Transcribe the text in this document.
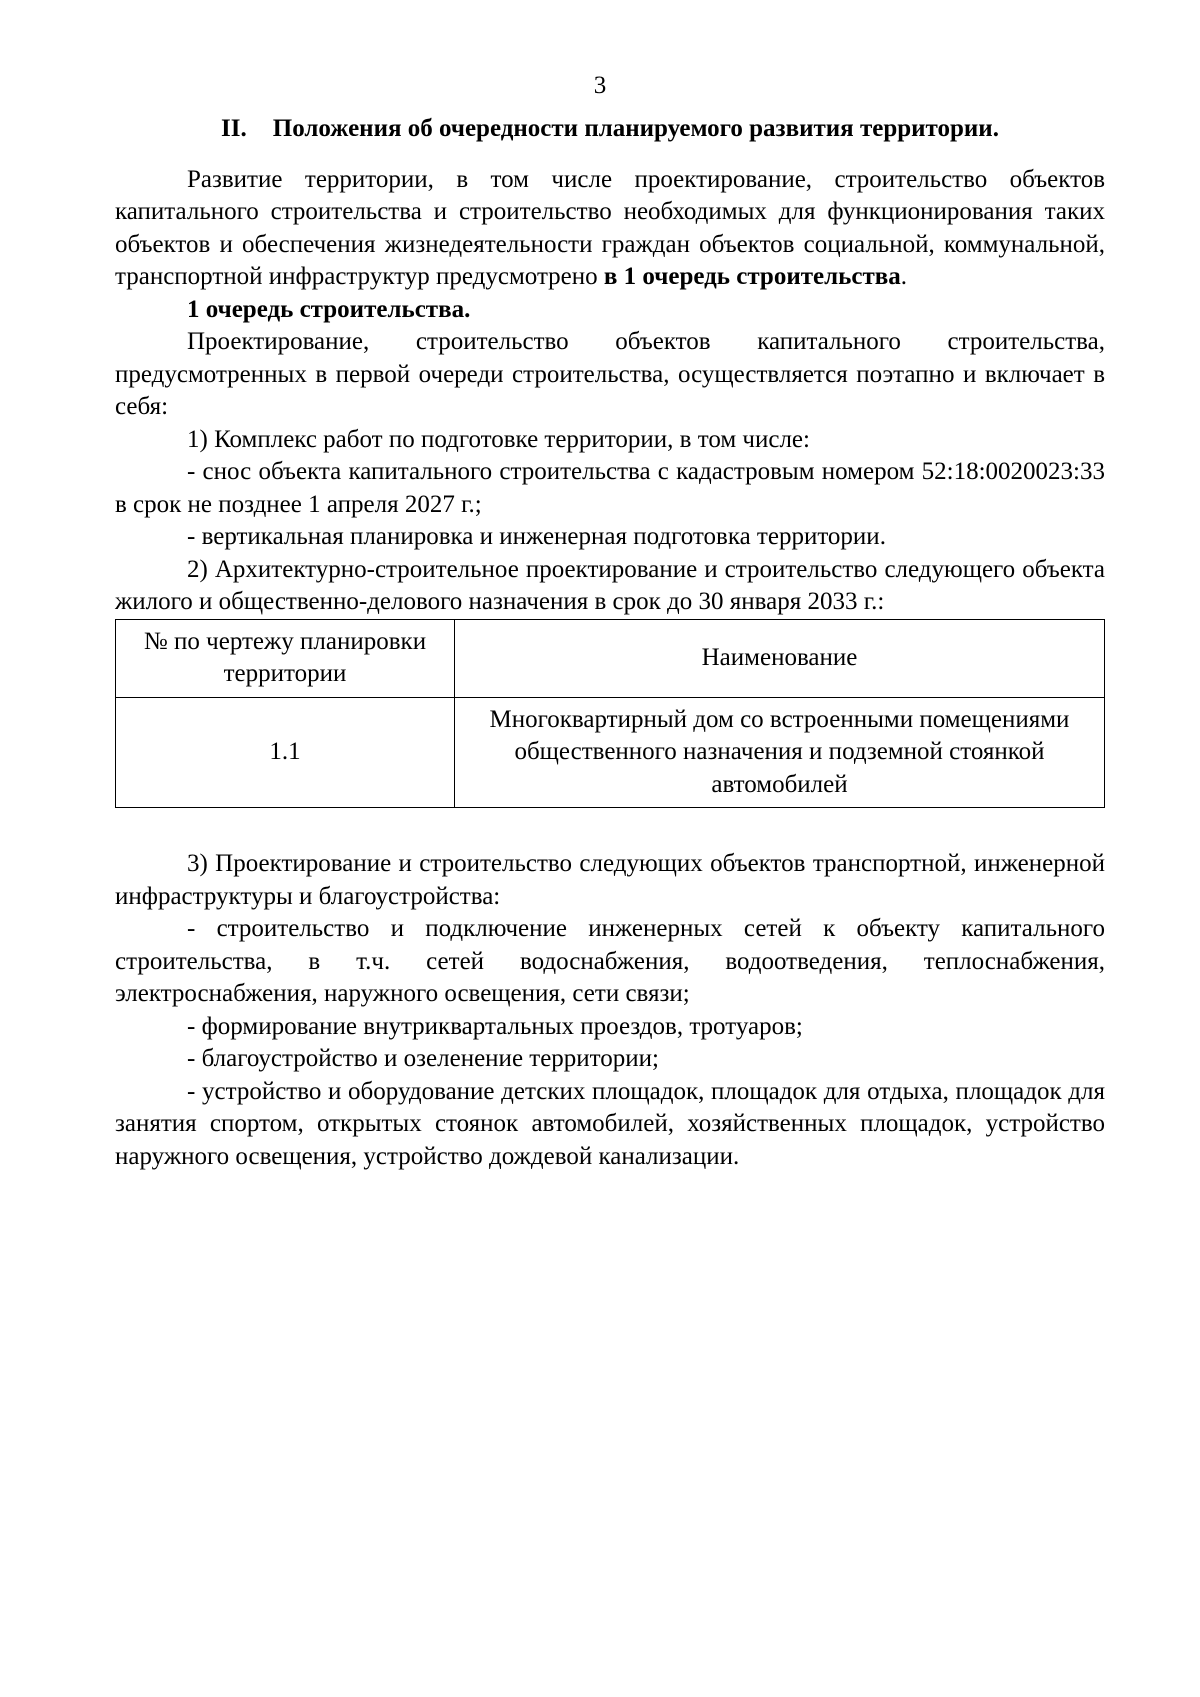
3
II. Положения об очередности планируемого развития территории.

Развитие территории, в том числе проектирование, строительство объектов капитального строительства и строительство необходимых для функционирования таких объектов и обеспечения жизнедеятельности граждан объектов социальной, коммунальной, транспортной инфраструктур предусмотрено в 1 очередь строительства.

1 очередь строительства.

Проектирование, строительство объектов капитального строительства, предусмотренных в первой очереди строительства, осуществляется поэтапно и включает в себя:

1) Комплекс работ по подготовке территории, в том числе:

- снос объекта капитального строительства с кадастровым номером 52:18:0020023:33 в срок не позднее 1 апреля 2027 г.;

- вертикальная планировка и инженерная подготовка территории.

2) Архитектурно-строительное проектирование и строительство следующего объекта жилого и общественно-делового назначения в срок до 30 января 2033 г.:

№ по чертежу планировки территории	Наименование
1.1	Многоквартирный дом со встроенными помещениями общественного назначения и подземной стоянкой автомобилей

3) Проектирование и строительство следующих объектов транспортной, инженерной инфраструктуры и благоустройства:

- строительство и подключение инженерных сетей к объекту капитального строительства, в т.ч. сетей водоснабжения, водоотведения, теплоснабжения, электроснабжения, наружного освещения, сети связи;

- формирование внутриквартальных проездов, тротуаров;

- благоустройство и озеленение территории;

- устройство и оборудование детских площадок, площадок для отдыха, площадок для занятия спортом, открытых стоянок автомобилей, хозяйственных площадок, устройство наружного освещения, устройство дождевой канализации.
